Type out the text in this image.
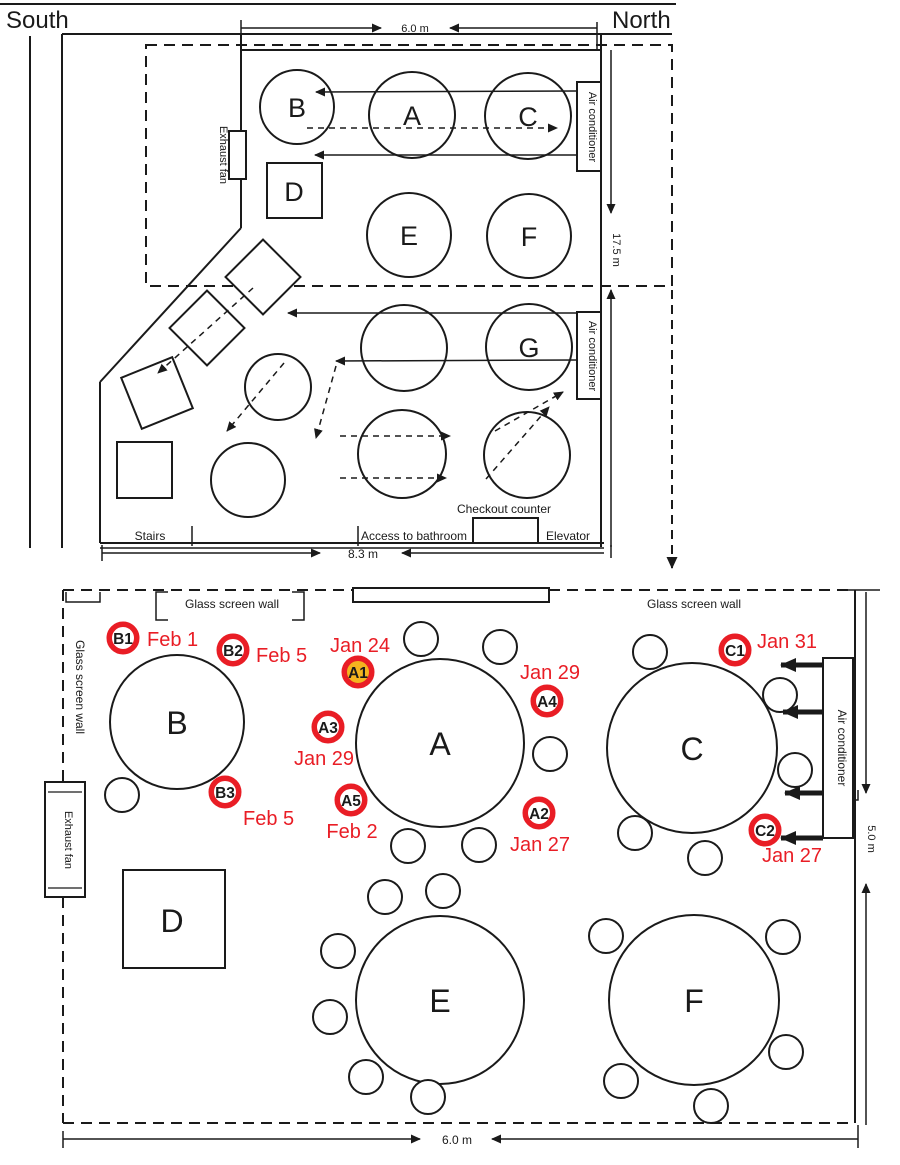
South	North
6.0 m
Exhaust fan	Air conditioner
Air conditioner
17.5 m
B	A	C
D
E	F
G
Stairs	Access to bathroom
Checkout counter
Elevator
8.3 m
Glass screen wall	Glass screen wall
Glass screen wall
Exhaust fan
B
A	C
D
E	F
Air conditioner
B1 Feb 1
B2 Feb 5
B3
Feb 5
A1
Jan 24
A3
Jan 29
A5
Feb 2
A4
Jan 29
A2
Jan 27
C1 Jan 31
C2
Jan 27
5.0 m
6.0 m
